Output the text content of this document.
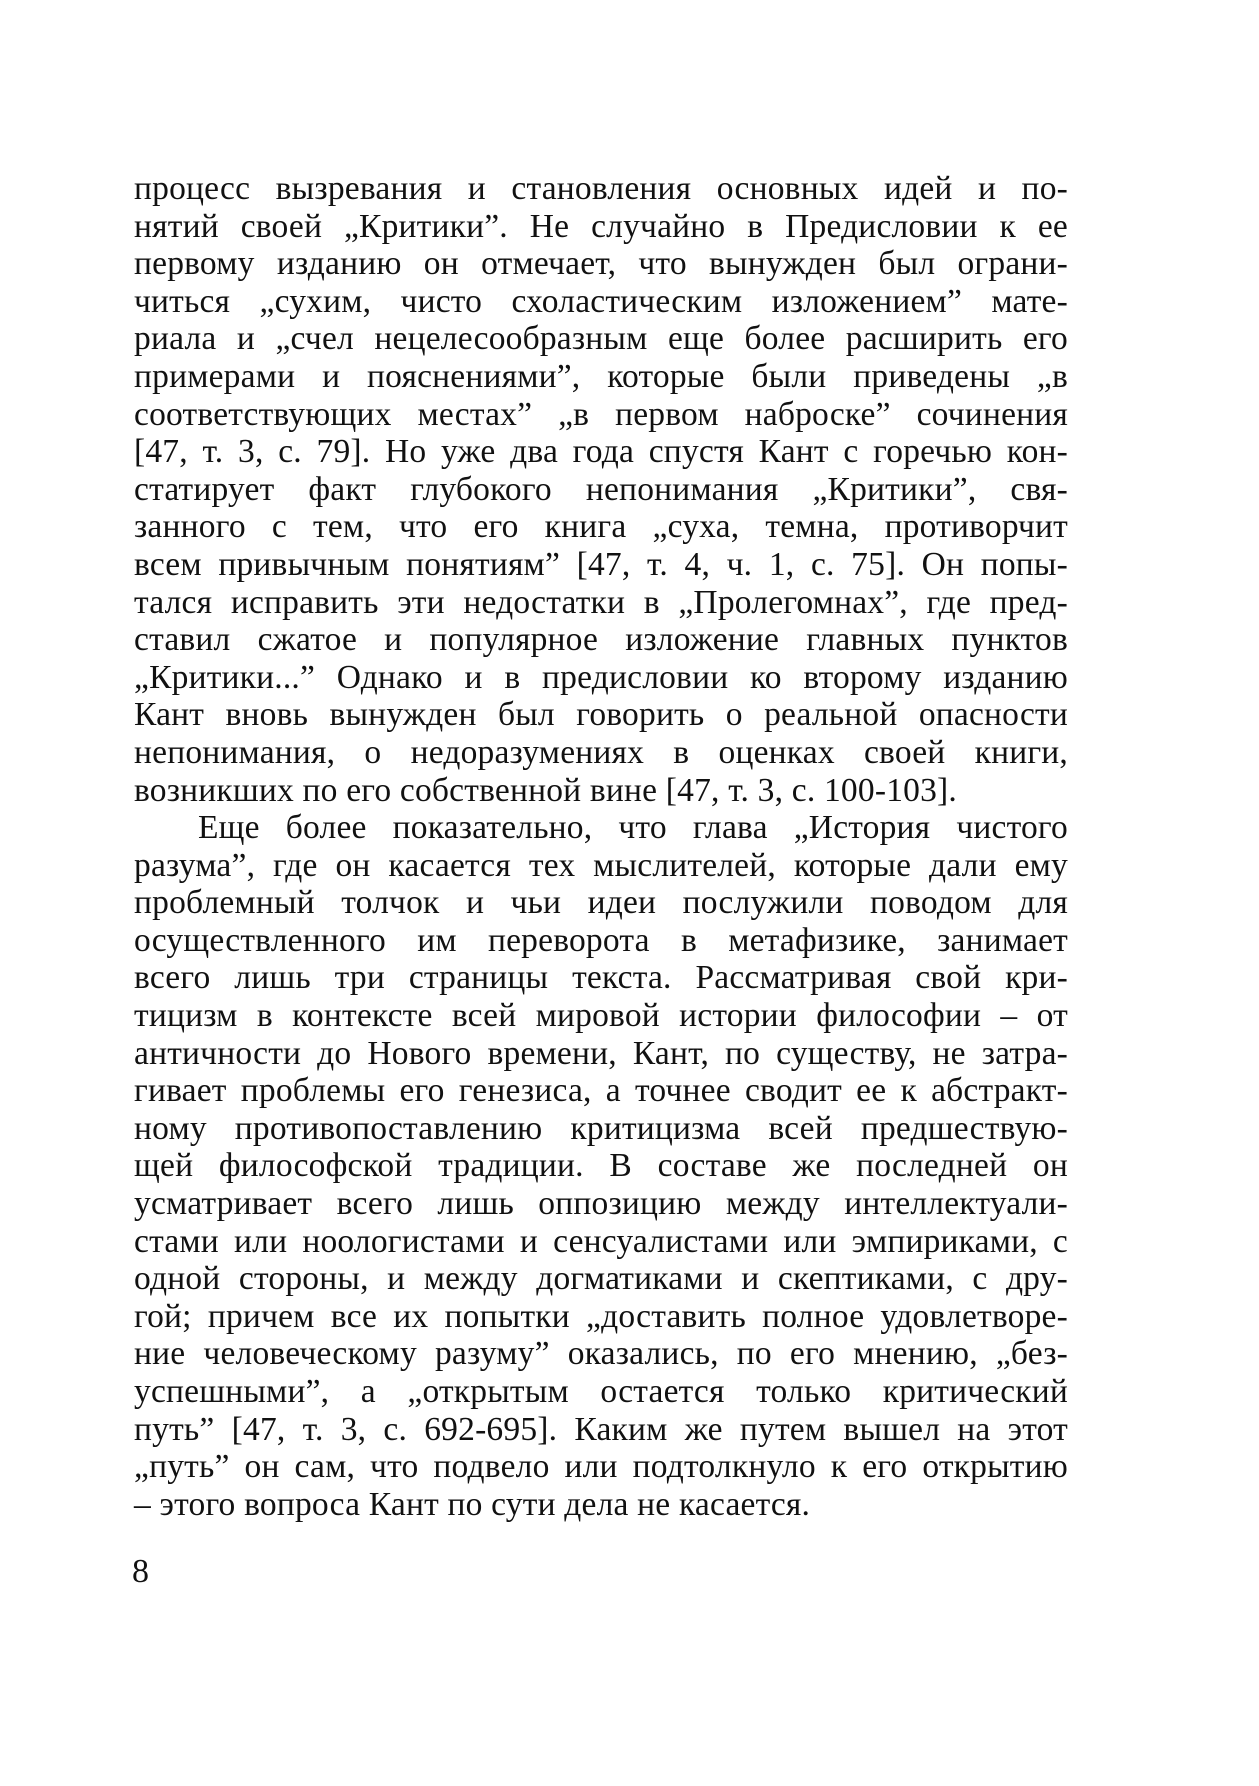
процесс вызревания и становления основных идей и по-
нятий своей „Критики”. Не случайно в Предисловии к ее
первому изданию он отмечает, что вынужден был ограни-
читься „сухим, чисто схоластическим изложением” мате-
риала и „счел нецелесообразным еще более расширить его
примерами и пояснениями”, которые были приведены „в
соответствующих местах” „в первом наброске” сочинения
[47, т. 3, с. 79]. Но уже два года спустя Кант с горечью кон-
статирует факт глубокого непонимания „Критики”, свя-
занного с тем, что его книга „суха, темна, противорчит
всем привычным понятиям” [47, т. 4, ч. 1, с. 75]. Он попы-
тался исправить эти недостатки в „Пролегомнах”, где пред-
ставил сжатое и популярное изложение главных пунктов
„Критики...” Однако и в предисловии ко второму изданию
Кант вновь вынужден был говорить о реальной опасности
непонимания, о недоразумениях в оценках своей книги,
возникших по его собственной вине [47, т. 3, с. 100-103].
Еще более показательно, что глава „История чистого
разума”, где он касается тех мыслителей, которые дали ему
проблемный толчок и чьи идеи послужили поводом для
осуществленного им переворота в метафизике, занимает
всего лишь три страницы текста. Рассматривая свой кри-
тицизм в контексте всей мировой истории философии – от
античности до Нового времени, Кант, по существу, не затра-
гивает проблемы его генезиса, а точнее сводит ее к абстракт-
ному противопоставлению критицизма всей предшествую-
щей философской традиции. В составе же последней он
усматривает всего лишь оппозицию между интеллектуали-
стами или ноологистами и сенсуалистами или эмпириками, с
одной стороны, и между догматиками и скептиками, с дру-
гой; причем все их попытки „доставить полное удовлетворе-
ние человеческому разуму” оказались, по его мнению, „без-
успешными”, а „открытым остается только критический
путь” [47, т. 3, с. 692-695]. Каким же путем вышел на этот
„путь” он сам, что подвело или подтолкнуло к его открытию
– этого вопроса Кант по сути дела не касается.
8
